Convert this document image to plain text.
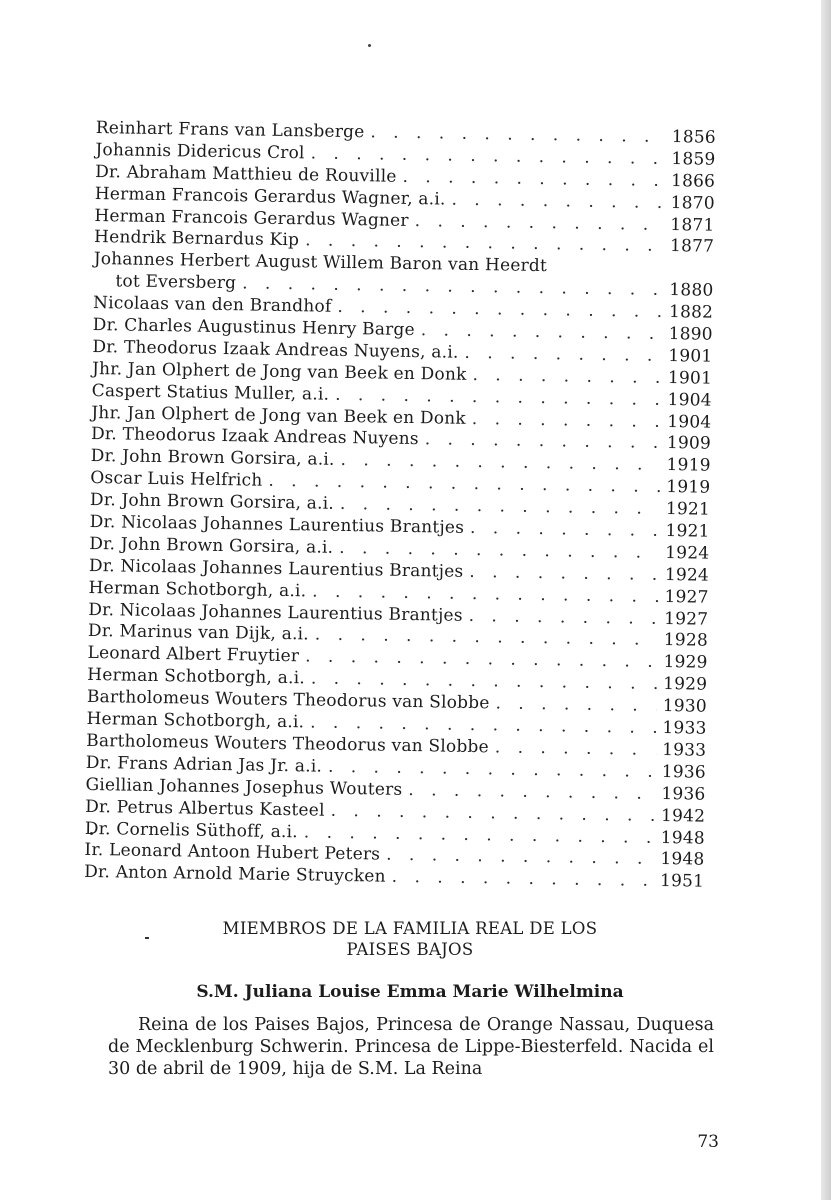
Reinhart Frans van Lansberge . . .	1856
Johannis Didericus Crol . . .	1859
Dr. Abraham Matthieu de Rouville . . .	1866
Herman Francois Gerardus Wagner, a.i. . . .	1870
Herman Francois Gerardus Wagner . . .	1871
Hendrik Bernardus Kip . . .	1877
Johannes Herbert August Willem Baron van Heerdt
tot Eversberg . . .	1880
Nicolaas van den Brandhof . . .	1882
Dr. Charles Augustinus Henry Barge . . .	1890
Dr. Theodorus Izaak Andreas Nuyens, a.i. . . .	1901
Jhr. Jan Olphert de Jong van Beek en Donk . . .	1901
Caspert Statius Muller, a.i. . . .	1904
Jhr. Jan Olphert de Jong van Beek en Donk . . .	1904
Dr. Theodorus Izaak Andreas Nuyens . . .	1909
Dr. John Brown Gorsira, a.i. . . .	1919
Oscar Luis Helfrich . . .	1919
Dr. John Brown Gorsira, a.i. . . .	1921
Dr. Nicolaas Johannes Laurentius Brantjes . . .	1921
Dr. John Brown Gorsira, a.i. . . .	1924
Dr. Nicolaas Johannes Laurentius Brantjes . . .	1924
Herman Schotborgh, a.i. . . .	1927
Dr. Nicolaas Johannes Laurentius Brantjes . . .	1927
Dr. Marinus van Dijk, a.i. . . .	1928
Leonard Albert Fruytier . . .	1929
Herman Schotborgh, a.i. . . .	1929
Bartholomeus Wouters Theodorus van Slobbe . . .	1930
Herman Schotborgh, a.i. . . .	1933
Bartholomeus Wouters Theodorus van Slobbe . . .	1933
Dr. Frans Adrian Jas Jr. a.i. . . .	1936
Giellian Johannes Josephus Wouters . . .	1936
Dr. Petrus Albertus Kasteel . . .	1942
Dr. Cornelis Süthoff, a.i. . . .	1948
Ir. Leonard Antoon Hubert Peters . . .	1948
Dr. Anton Arnold Marie Struycken . . .	1951
MIEMBROS DE LA FAMILIA REAL DE LOS
PAISES BAJOS
S.M. Juliana Louise Emma Marie Wilhelmina

Reina de los Paises Bajos, Princesa de Orange Nassau, Duquesa de Mecklenburg Schwerin. Princesa de Lippe-Biesterfeld. Nacida el 30 de abril de 1909, hija de S.M. La Reina

73
